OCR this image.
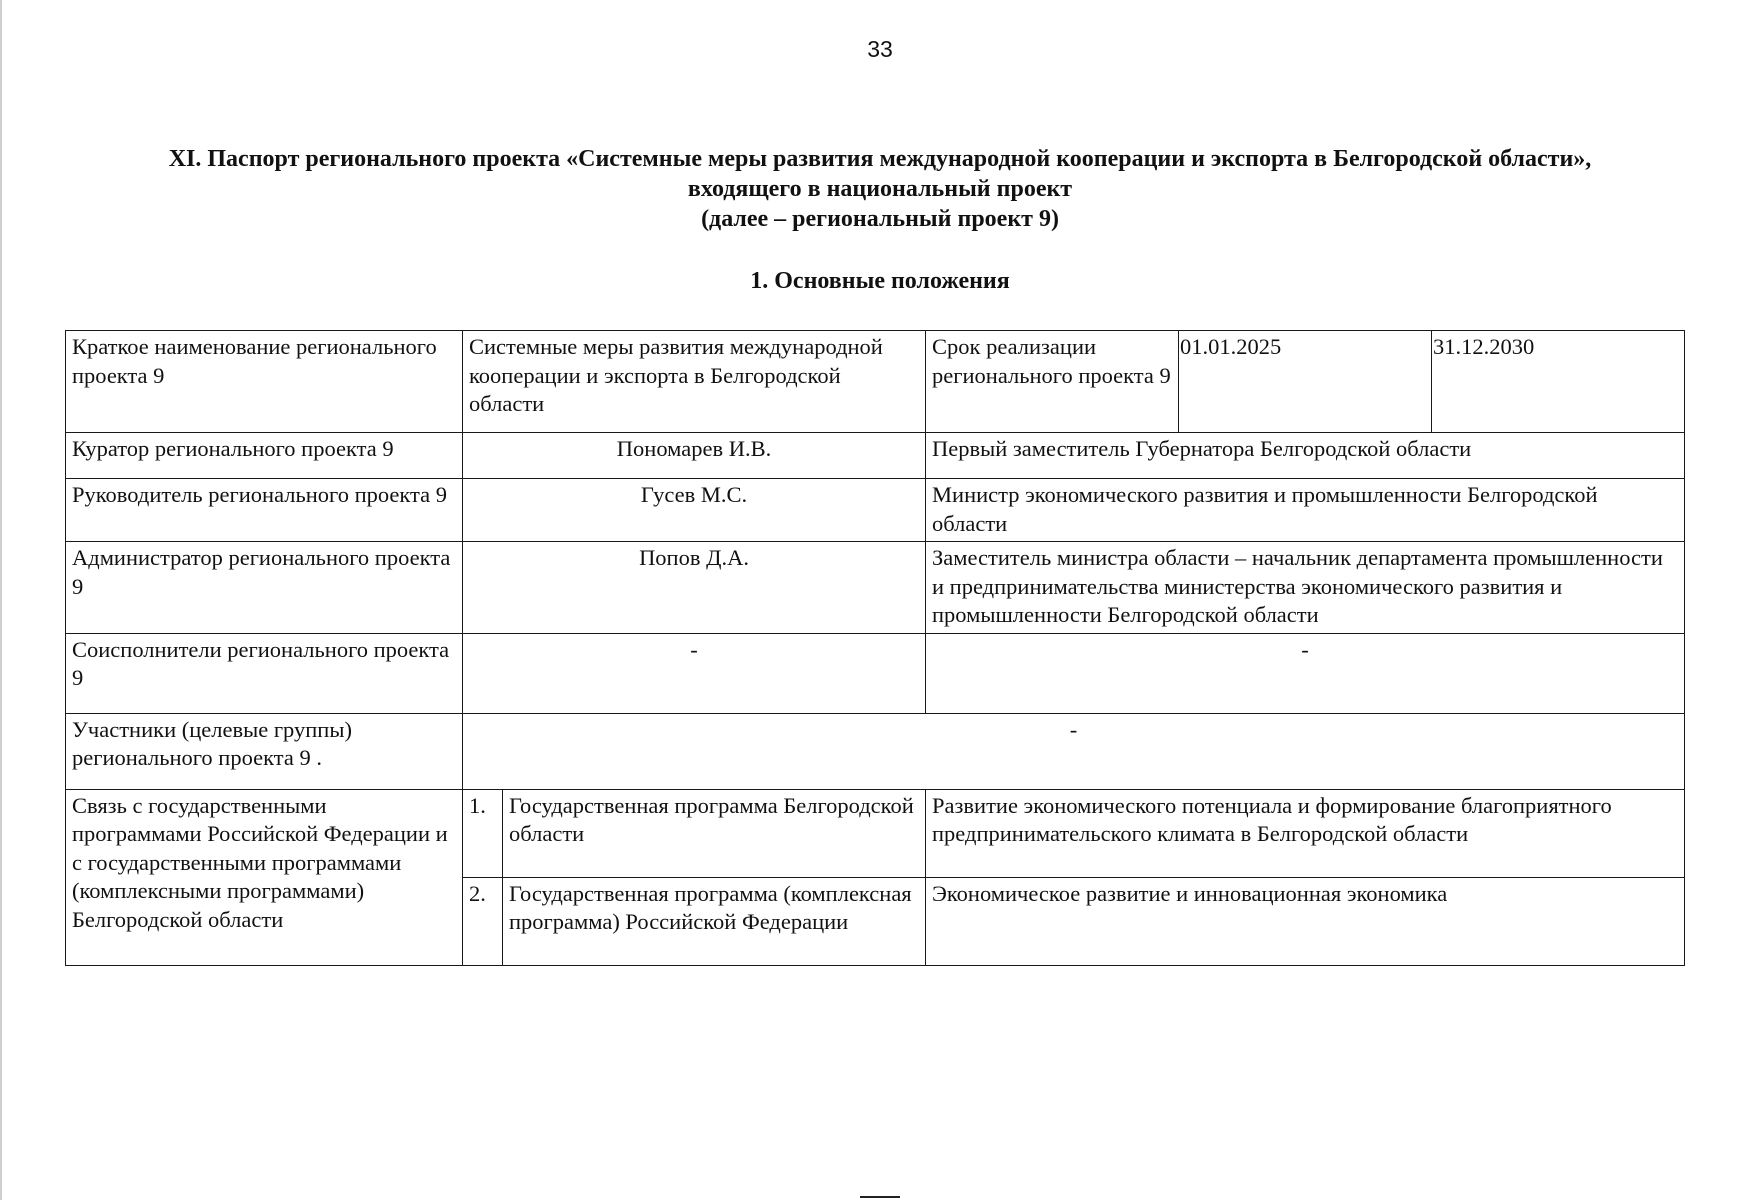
33
XI. Паспорт регионального проекта «Системные меры развития международной кооперации и экспорта в Белгородской области»,
входящего в национальный проект
(далее – региональный проект 9)
1. Основные положения
Краткое наименование регионального проекта 9	Системные меры развития международной кооперации и экспорта в Белгородской области		Срок реализации регионального проекта 9	01.01.2025	31.12.2030
Куратор регионального проекта 9	Пономарев И.В.		Первый заместитель Губернатора Белгородской области		
Руководитель регионального проекта 9	Гусев М.С.		Министр экономического развития и промышленности Белгородской области		
Администратор регионального проекта 9	Попов Д.А.		Заместитель министра области – начальник департамента промышленности и предпринимательства министерства экономического развития и промышленности Белгородской области		
Соисполнители регионального проекта 9	-		-		
Участники (целевые группы) регионального проекта 9 .	-				
Связь с государственными программами Российской Федерации и с государственными программами (комплексными программами) Белгородской области	1.	Государственная программа Белгородской области	Развитие экономического потенциала и формирование благоприятного предпринимательского климата в Белгородской области		
	2.	Государственная программа (комплексная программа) Российской Федерации	Экономическое развитие и инновационная экономика		
